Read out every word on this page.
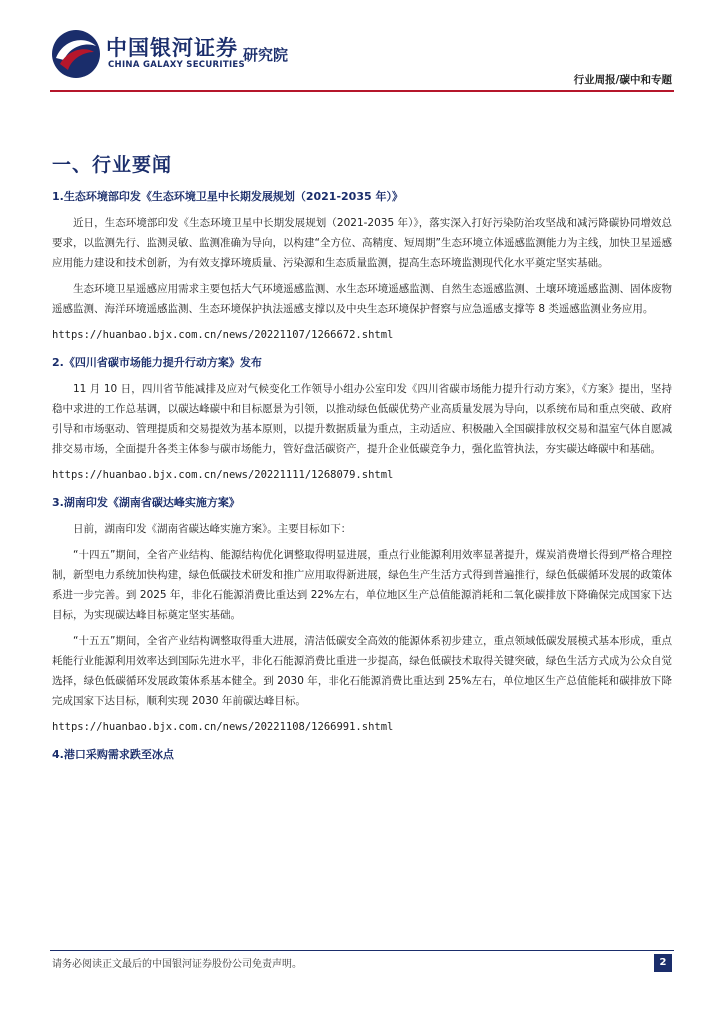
中国银河证券
CHINA GALAXY SECURITIES
研究院
行业周报/碳中和专题
一、行业要闻
1.生态环境部印发《生态环境卫星中长期发展规划（2021-2035 年）》

近日，生态环境部印发《生态环境卫星中长期发展规划（2021-2035 年）》，落实深入打好污染防治攻坚战和减污降碳协同增效总要求，以监测先行、监测灵敏、监测准确为导向，以构建“全方位、高精度、短周期”生态环境立体遥感监测能力为主线，加快卫星遥感应用能力建设和技术创新，为有效支撑环境质量、污染源和生态质量监测，提高生态环境监测现代化水平奠定坚实基础。

生态环境卫星遥感应用需求主要包括大气环境遥感监测、水生态环境遥感监测、自然生态遥感监测、土壤环境遥感监测、固体废物遥感监测、海洋环境遥感监测、生态环境保护执法遥感支撑以及中央生态环境保护督察与应急遥感支撑等 8 类遥感监测业务应用。

https://huanbao.bjx.com.cn/news/20221107/1266672.shtml
2.《四川省碳市场能力提升行动方案》发布

11 月 10 日，四川省节能减排及应对气候变化工作领导小组办公室印发《四川省碳市场能力提升行动方案》，《方案》提出，坚持稳中求进的工作总基调，以碳达峰碳中和目标愿景为引领，以推动绿色低碳优势产业高质量发展为导向，以系统布局和重点突破、政府引导和市场驱动、管理提质和交易提效为基本原则，以提升数据质量为重点，主动适应、积极融入全国碳排放权交易和温室气体自愿减排交易市场，全面提升各类主体参与碳市场能力，管好盘活碳资产，提升企业低碳竞争力，强化监管执法，夯实碳达峰碳中和基础。

https://huanbao.bjx.com.cn/news/20221111/1268079.shtml
3.湖南印发《湖南省碳达峰实施方案》

日前，湖南印发《湖南省碳达峰实施方案》。主要目标如下：

“十四五”期间，全省产业结构、能源结构优化调整取得明显进展，重点行业能源利用效率显著提升，煤炭消费增长得到严格合理控制，新型电力系统加快构建，绿色低碳技术研发和推广应用取得新进展，绿色生产生活方式得到普遍推行，绿色低碳循环发展的政策体系进一步完善。到 2025 年，非化石能源消费比重达到 22%左右，单位地区生产总值能源消耗和二氧化碳排放下降确保完成国家下达目标，为实现碳达峰目标奠定坚实基础。

“十五五”期间，全省产业结构调整取得重大进展，清洁低碳安全高效的能源体系初步建立，重点领域低碳发展模式基本形成，重点耗能行业能源利用效率达到国际先进水平，非化石能源消费比重进一步提高，绿色低碳技术取得关键突破，绿色生活方式成为公众自觉选择，绿色低碳循环发展政策体系基本健全。到 2030 年，非化石能源消费比重达到 25%左右，单位地区生产总值能耗和碳排放下降完成国家下达目标，顺利实现 2030 年前碳达峰目标。

https://huanbao.bjx.com.cn/news/20221108/1266991.shtml
4.港口采购需求跌至冰点
请务必阅读正文最后的中国银河证券股份公司免责声明。	2
